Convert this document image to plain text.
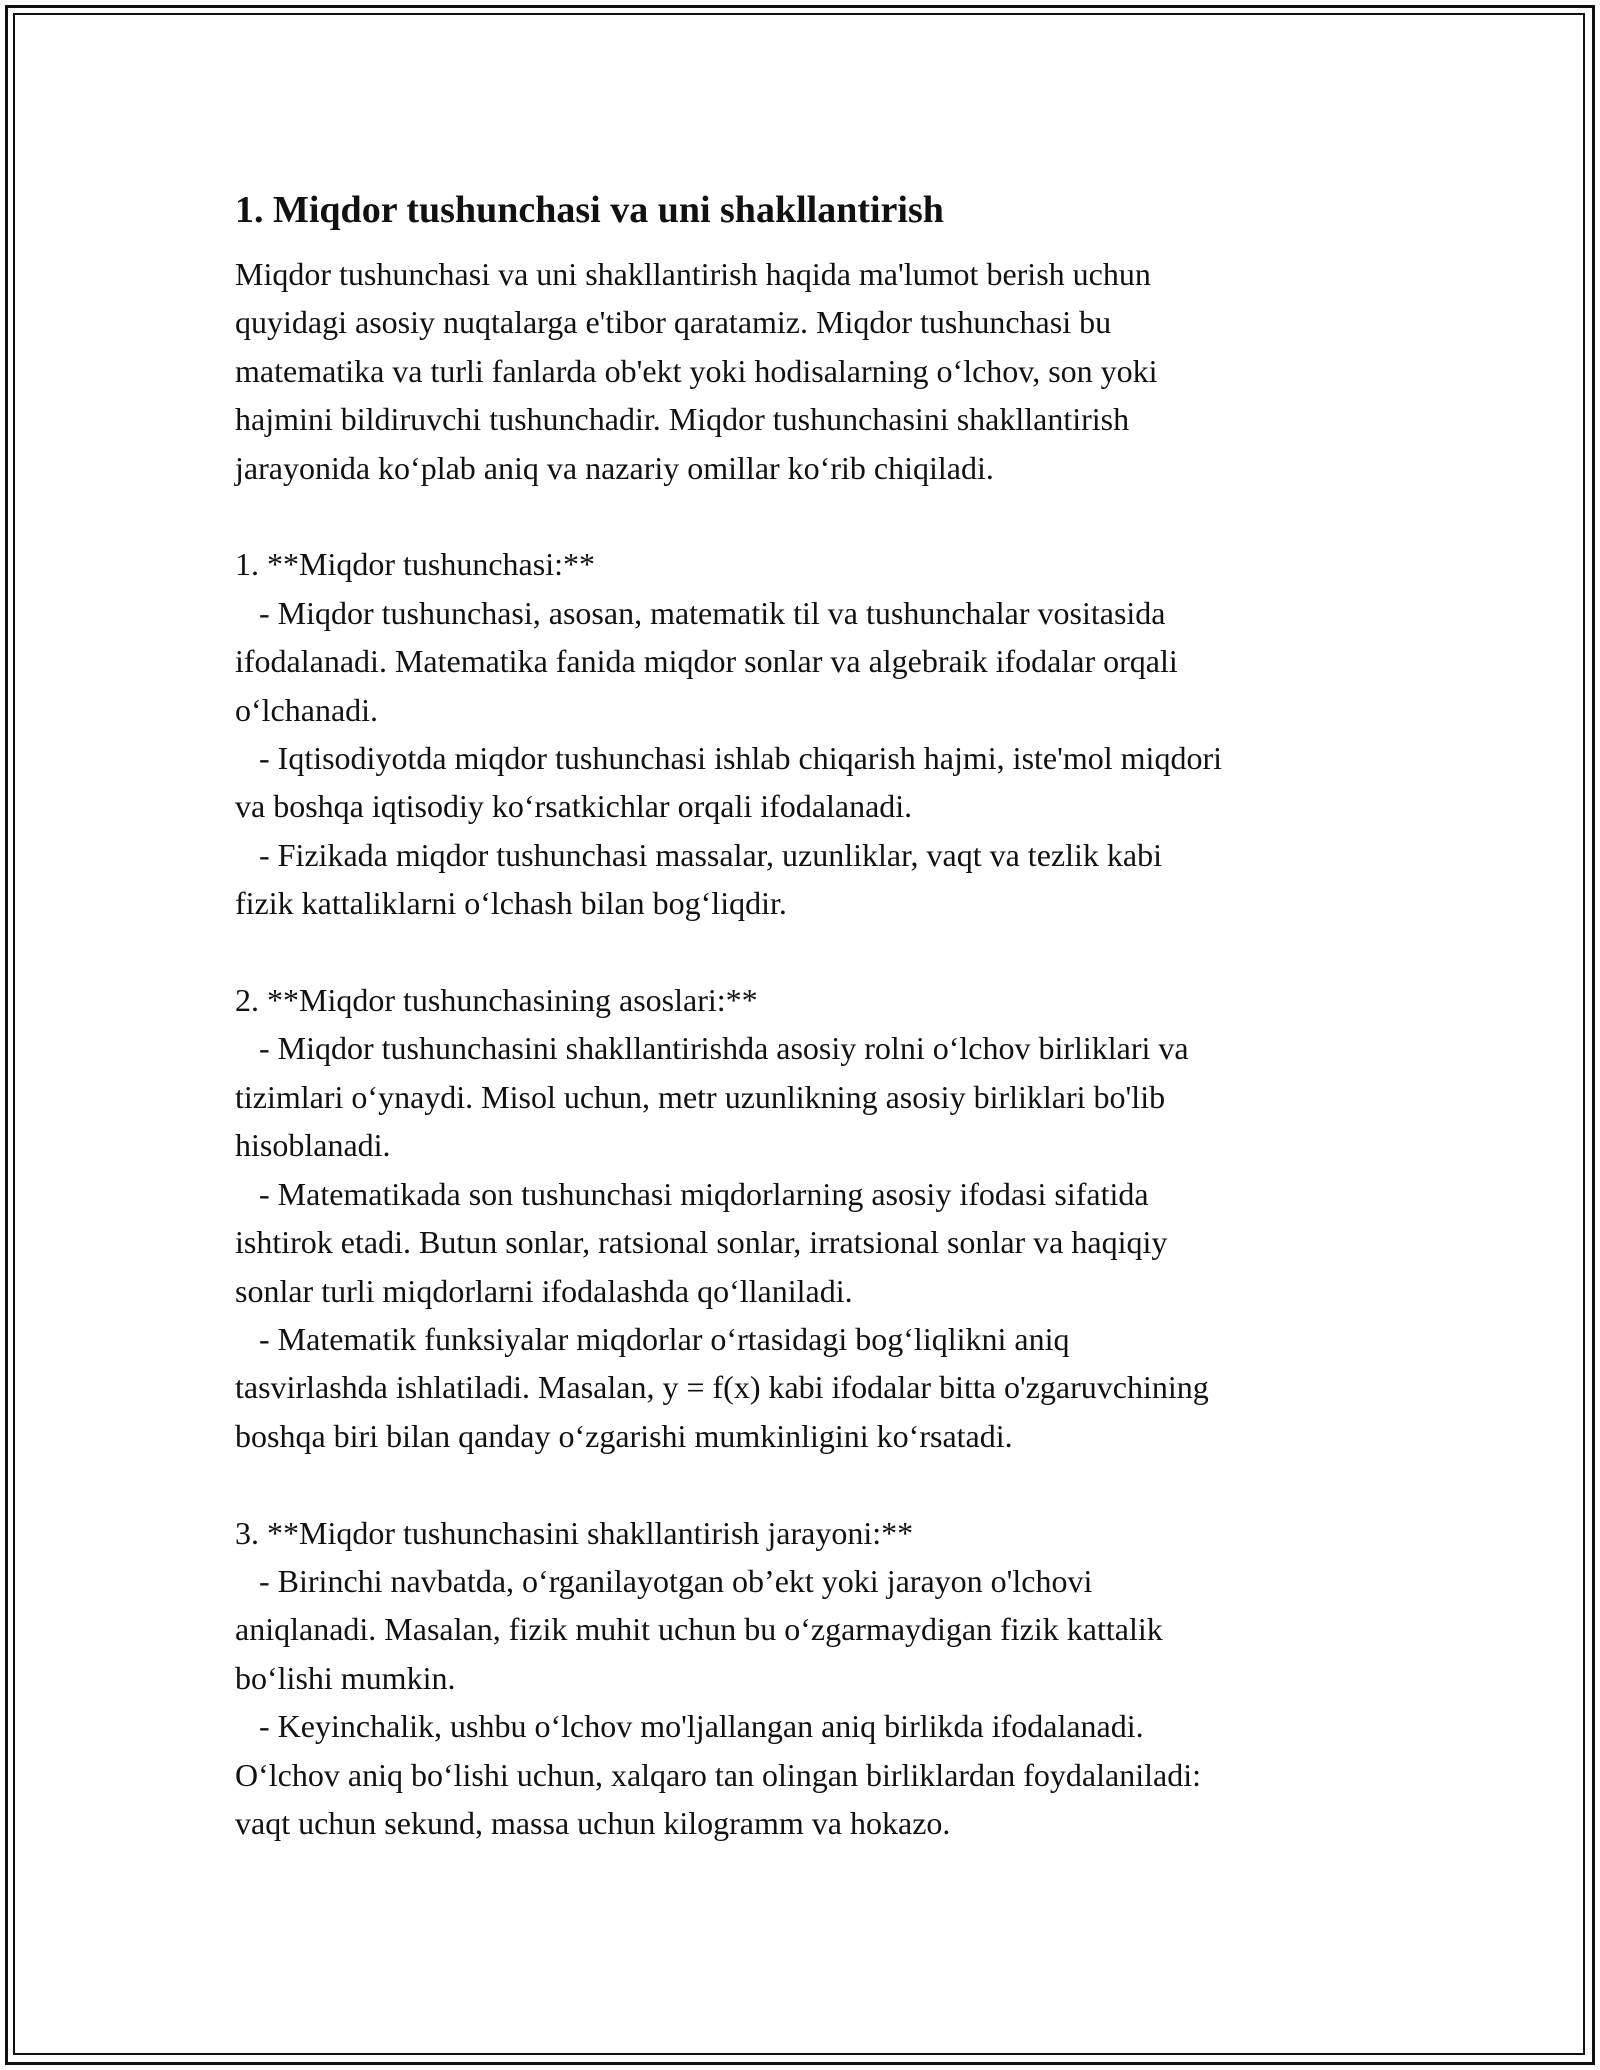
1. Miqdor tushunchasi va uni shakllantirish
Miqdor tushunchasi va uni shakllantirish haqida ma'lumot berish uchun
quyidagi asosiy nuqtalarga e'tibor qaratamiz. Miqdor tushunchasi bu
matematika va turli fanlarda ob'ekt yoki hodisalarning o‘lchov, son yoki
hajmini bildiruvchi tushunchadir. Miqdor tushunchasini shakllantirish
jarayonida ko‘plab aniq va nazariy omillar ko‘rib chiqiladi.
1. **Miqdor tushunchasi:**
- Miqdor tushunchasi, asosan, matematik til va tushunchalar vositasida
ifodalanadi. Matematika fanida miqdor sonlar va algebraik ifodalar orqali
o‘lchanadi.
- Iqtisodiyotda miqdor tushunchasi ishlab chiqarish hajmi, iste'mol miqdori
va boshqa iqtisodiy ko‘rsatkichlar orqali ifodalanadi.
- Fizikada miqdor tushunchasi massalar, uzunliklar, vaqt va tezlik kabi
fizik kattaliklarni o‘lchash bilan bog‘liqdir.
2. **Miqdor tushunchasining asoslari:**
- Miqdor tushunchasini shakllantirishda asosiy rolni o‘lchov birliklari va
tizimlari o‘ynaydi. Misol uchun, metr uzunlikning asosiy birliklari bo'lib
hisoblanadi.
- Matematikada son tushunchasi miqdorlarning asosiy ifodasi sifatida
ishtirok etadi. Butun sonlar, ratsional sonlar, irratsional sonlar va haqiqiy
sonlar turli miqdorlarni ifodalashda qo‘llaniladi.
- Matematik funksiyalar miqdorlar o‘rtasidagi bog‘liqlikni aniq
tasvirlashda ishlatiladi. Masalan, y = f(x) kabi ifodalar bitta o'zgaruvchining
boshqa biri bilan qanday o‘zgarishi mumkinligini ko‘rsatadi.
3. **Miqdor tushunchasini shakllantirish jarayoni:**
- Birinchi navbatda, o‘rganilayotgan ob’ekt yoki jarayon o'lchovi
aniqlanadi. Masalan, fizik muhit uchun bu o‘zgarmaydigan fizik kattalik
bo‘lishi mumkin.
- Keyinchalik, ushbu o‘lchov mo'ljallangan aniq birlikda ifodalanadi.
O‘lchov aniq bo‘lishi uchun, xalqaro tan olingan birliklardan foydalaniladi:
vaqt uchun sekund, massa uchun kilogramm va hokazo.
